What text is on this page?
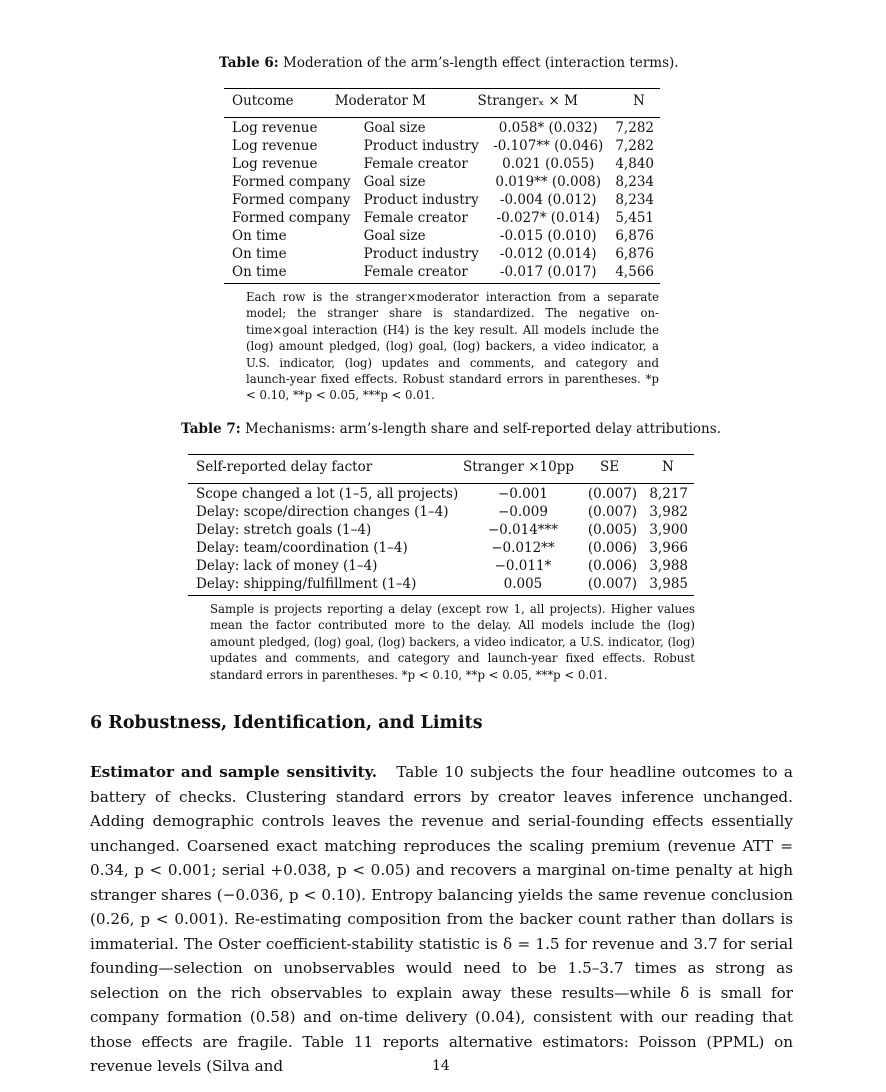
Table 6: Moderation of the arm’s-length effect (interaction terms).
Outcome	Moderator M	Strangerₓ × M	N
Log revenue	Goal size	0.058* (0.032)	7,282
Log revenue	Product industry	-0.107** (0.046)	7,282
Log revenue	Female creator	0.021 (0.055)	4,840
Formed company	Goal size	0.019** (0.008)	8,234
Formed company	Product industry	-0.004 (0.012)	8,234
Formed company	Female creator	-0.027* (0.014)	5,451
On time	Goal size	-0.015 (0.010)	6,876
On time	Product industry	-0.012 (0.014)	6,876
On time	Female creator	-0.017 (0.017)	4,566
Each row is the stranger×moderator interaction from a separate model; the stranger share is standardized. The negative on-time×goal interaction (H4) is the key result. All models include the (log) amount pledged, (log) goal, (log) backers, a video indicator, a U.S. indicator, (log) updates and comments, and category and launch-year fixed effects. Robust standard errors in parentheses. *p < 0.10, **p < 0.05, ***p < 0.01.
Table 7: Mechanisms: arm’s-length share and self-reported delay attributions.
Self-reported delay factor	Stranger ×10pp	SE	N
Scope changed a lot (1–5, all projects)	−0.001	(0.007)	8,217
Delay: scope/direction changes (1–4)	−0.009	(0.007)	3,982
Delay: stretch goals (1–4)	−0.014***	(0.005)	3,900
Delay: team/coordination (1–4)	−0.012**	(0.006)	3,966
Delay: lack of money (1–4)	−0.011*	(0.006)	3,988
Delay: shipping/fulfillment (1–4)	0.005	(0.007)	3,985
Sample is projects reporting a delay (except row 1, all projects). Higher values mean the factor contributed more to the delay. All models include the (log) amount pledged, (log) goal, (log) backers, a video indicator, a U.S. indicator, (log) updates and comments, and category and launch-year fixed effects. Robust standard errors in parentheses. *p < 0.10, **p < 0.05, ***p < 0.01.
6 Robustness, Identification, and Limits
Estimator and sample sensitivity. Table 10 subjects the four headline outcomes to a battery of checks. Clustering standard errors by creator leaves inference unchanged. Adding demographic controls leaves the revenue and serial-founding effects essentially unchanged. Coarsened exact matching reproduces the scaling premium (revenue ATT = 0.34, p < 0.001; serial +0.038, p < 0.05) and recovers a marginal on-time penalty at high stranger shares (−0.036, p < 0.10). Entropy balancing yields the same revenue conclusion (0.26, p < 0.001). Re-estimating composition from the backer count rather than dollars is immaterial. The Oster coefficient-stability statistic is δ = 1.5 for revenue and 3.7 for serial founding—selection on unobservables would need to be 1.5–3.7 times as strong as selection on the rich observables to explain away these results—while δ is small for company formation (0.58) and on-time delivery (0.04), consistent with our reading that those effects are fragile. Table 11 reports alternative estimators: Poisson (PPML) on revenue levels (Silva and	14
